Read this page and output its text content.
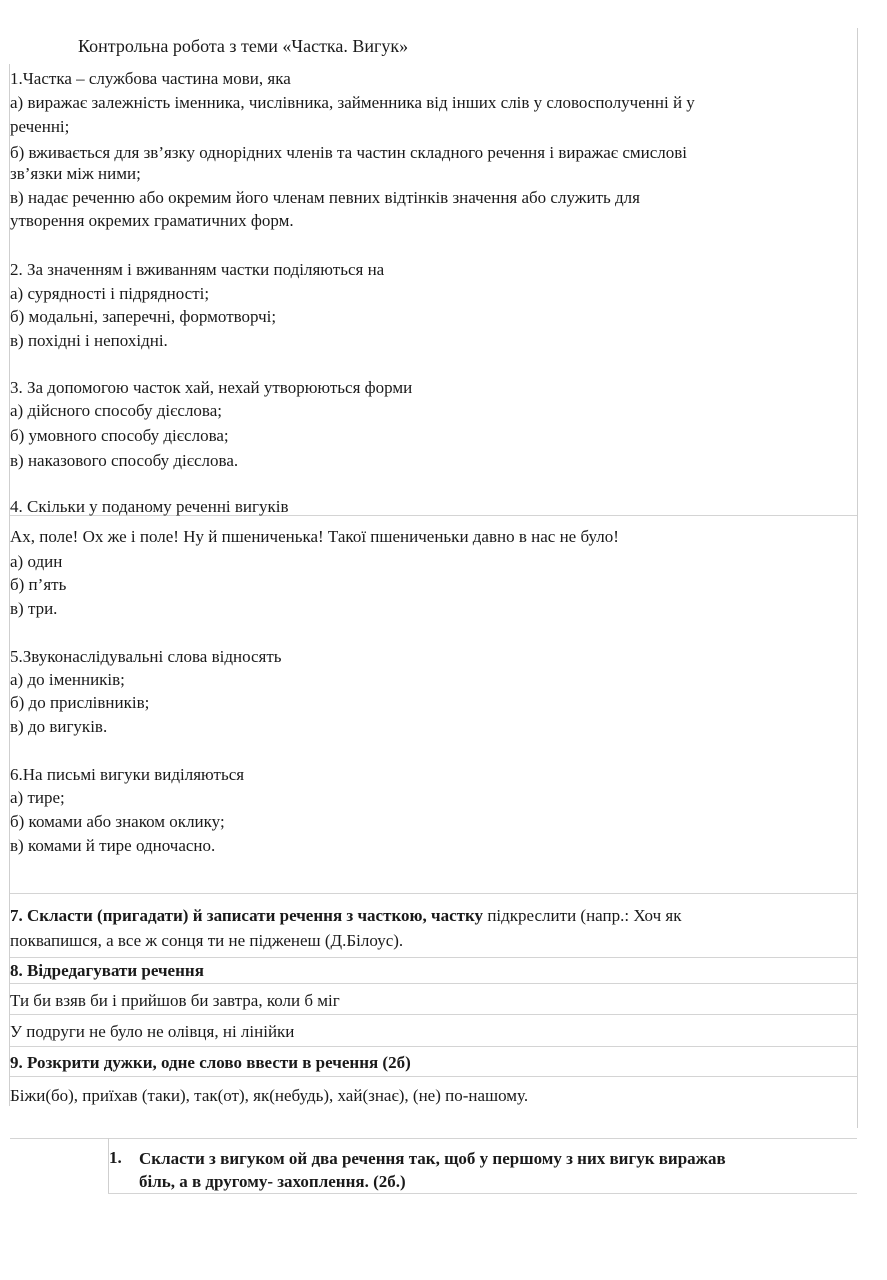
Контрольна робота з теми «Частка. Вигук»
1.Частка – службова частина мови, яка
а) виражає залежність іменника, числівника, займенника від інших слів у словосполученні й у
реченні;
б) вживається для зв’язку однорідних членів та частин складного речення і виражає смислові
зв’язки між ними;
в) надає реченню або окремим його членам певних відтінків значення або служить для
утворення окремих граматичних форм.
2. За значенням і вживанням частки поділяються на
а) сурядності і підрядності;
б) модальні, заперечні, формотворчі;
в) похідні і непохідні.
3. За допомогою часток хай, нехай утворюються форми
а) дійсного способу дієслова;
б) умовного способу дієслова;
в) наказового способу дієслова.
4. Скільки у поданому реченні вигуків
Ах, поле! Ох же і поле! Ну й пшениченька! Такої пшениченьки давно в нас не було!
а) один
б) п’ять
в) три.
5.Звуконаслідувальні слова відносять
а) до іменників;
б) до прислівників;
в) до вигуків.
6.На письмі вигуки виділяються
а) тире;
б) комами або знаком оклику;
в) комами й тире одночасно.
7. Скласти (пригадати) й записати речення з часткою, частку підкреслити (напр.: Хоч як
поквапишся, а все ж сонця ти не підженеш (Д.Білоус).
8. Відредагувати речення
Ти би взяв би і прийшов би завтра, коли б міг
У подруги не було не олівця, ні лінійки
9. Розкрити дужки, одне слово ввести в речення (2б)
Біжи(бо), приїхав (таки), так(от), як(небудь), хай(знає), (не) по-нашому.
1. Скласти з вигуком ой два речення так, щоб у першому з них вигук виражав
біль, а в другому- захоплення. (2б.)
